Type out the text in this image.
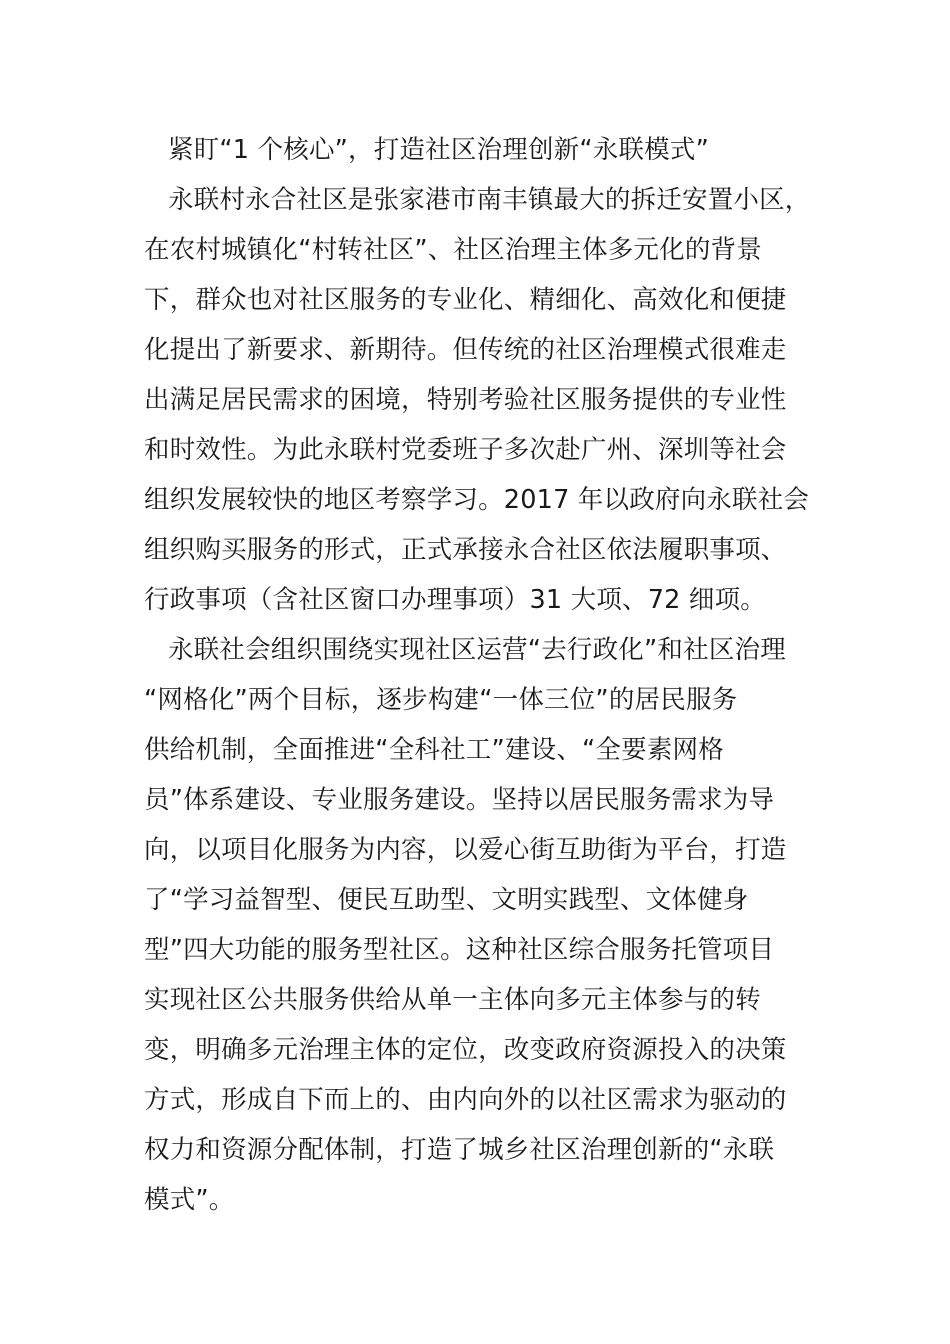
紧盯“1 个核心”，打造社区治理创新“永联模式”
永联村永合社区是张家港市南丰镇最大的拆迁安置小区，
在农村城镇化“村转社区”、社区治理主体多元化的背景
下，群众也对社区服务的专业化、精细化、高效化和便捷
化提出了新要求、新期待。但传统的社区治理模式很难走
出满足居民需求的困境，特别考验社区服务提供的专业性
和时效性。为此永联村党委班子多次赴广州、深圳等社会
组织发展较快的地区考察学习。2017 年以政府向永联社会
组织购买服务的形式，正式承接永合社区依法履职事项、
行政事项（含社区窗口办理事项）31 大项、72 细项。
永联社会组织围绕实现社区运营“去行政化”和社区治理
“网格化”两个目标，逐步构建“一体三位”的居民服务
供给机制，全面推进“全科社工”建设、“全要素网格
员”体系建设、专业服务建设。坚持以居民服务需求为导
向，以项目化服务为内容，以爱心街互助街为平台，打造
了“学习益智型、便民互助型、文明实践型、文体健身
型”四大功能的服务型社区。这种社区综合服务托管项目
实现社区公共服务供给从单一主体向多元主体参与的转
变，明确多元治理主体的定位，改变政府资源投入的决策
方式，形成自下而上的、由内向外的以社区需求为驱动的
权力和资源分配体制，打造了城乡社区治理创新的“永联
模式”。
